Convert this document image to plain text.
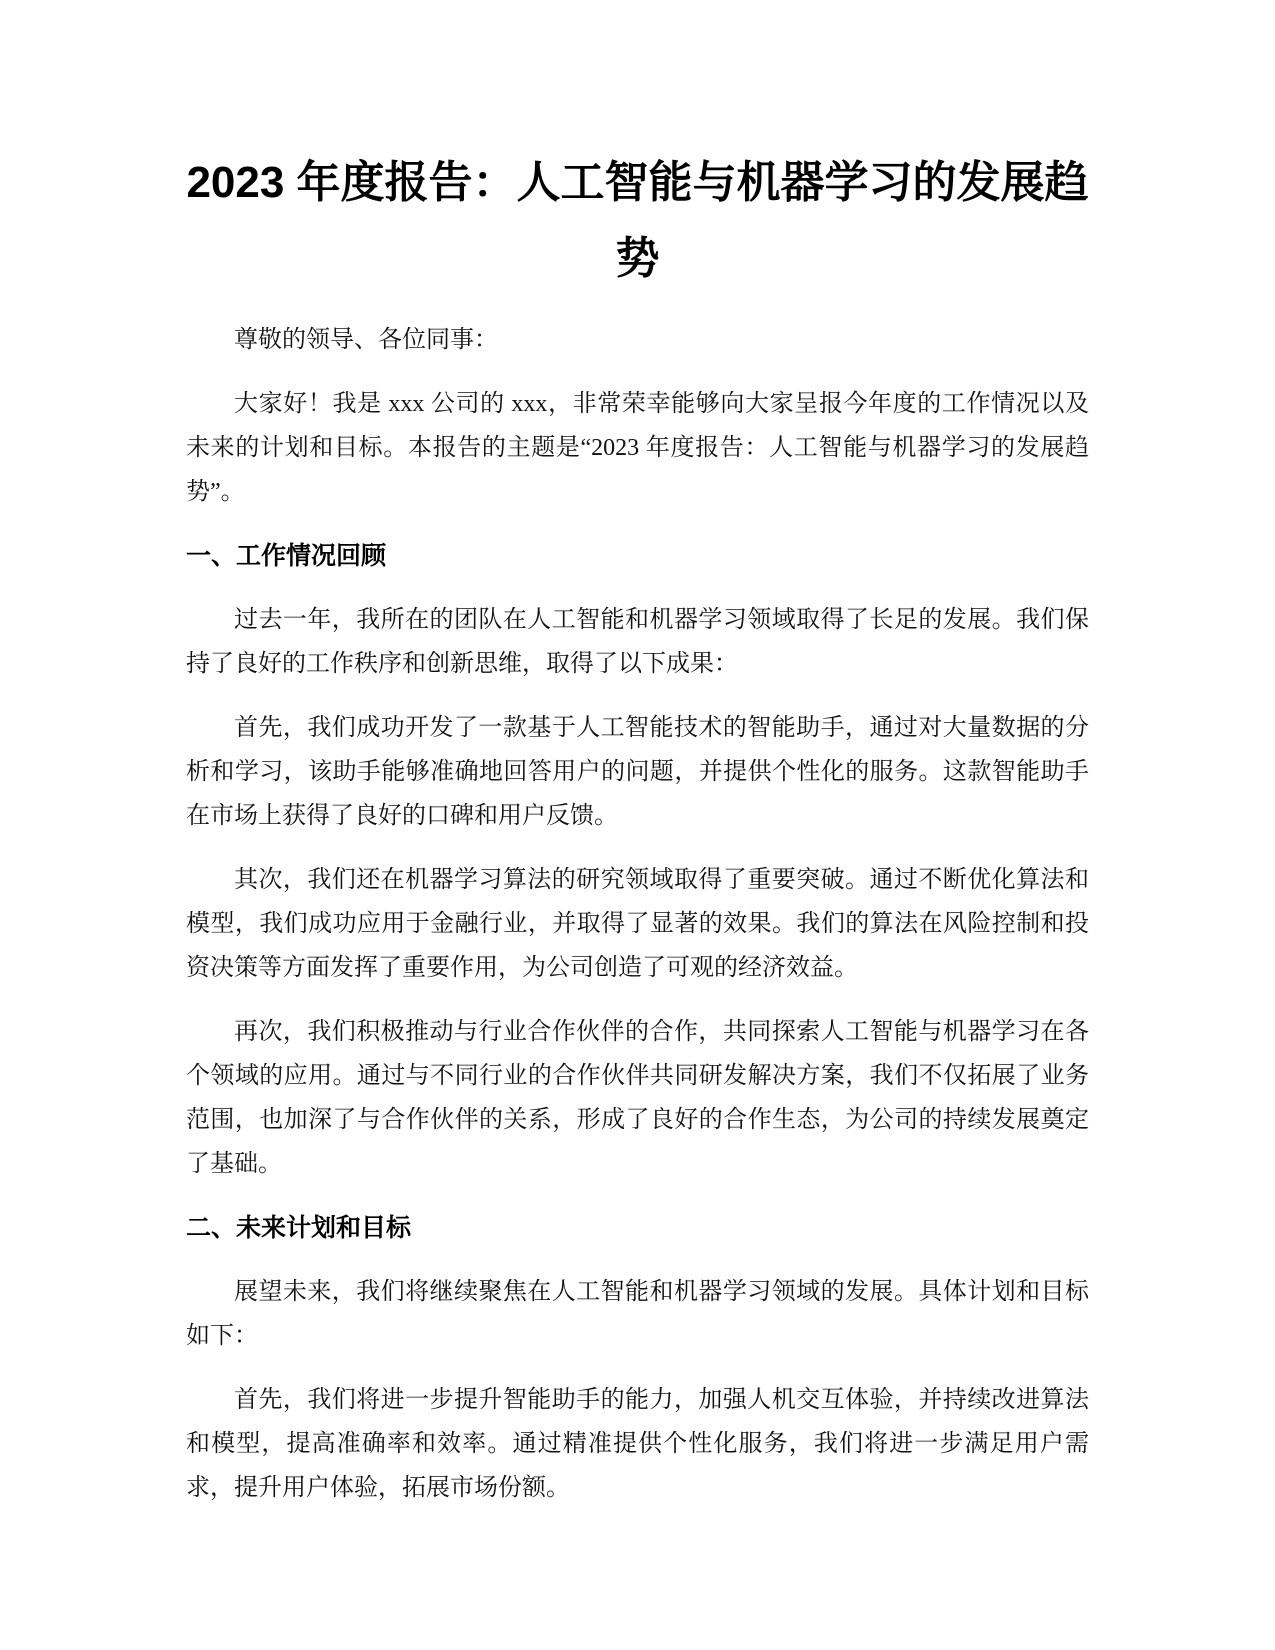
2023 年度报告：人工智能与机器学习的发展趋势

尊敬的领导、各位同事：

大家好！我是 xxx 公司的 xxx，非常荣幸能够向大家呈报今年度的工作情况以及未来的计划和目标。本报告的主题是“2023 年度报告：人工智能与机器学习的发展趋势”。

一、工作情况回顾

过去一年，我所在的团队在人工智能和机器学习领域取得了长足的发展。我们保持了良好的工作秩序和创新思维，取得了以下成果：

首先，我们成功开发了一款基于人工智能技术的智能助手，通过对大量数据的分析和学习，该助手能够准确地回答用户的问题，并提供个性化的服务。这款智能助手在市场上获得了良好的口碑和用户反馈。

其次，我们还在机器学习算法的研究领域取得了重要突破。通过不断优化算法和模型，我们成功应用于金融行业，并取得了显著的效果。我们的算法在风险控制和投资决策等方面发挥了重要作用，为公司创造了可观的经济效益。

再次，我们积极推动与行业合作伙伴的合作，共同探索人工智能与机器学习在各个领域的应用。通过与不同行业的合作伙伴共同研发解决方案，我们不仅拓展了业务范围，也加深了与合作伙伴的关系，形成了良好的合作生态，为公司的持续发展奠定了基础。

二、未来计划和目标

展望未来，我们将继续聚焦在人工智能和机器学习领域的发展。具体计划和目标如下：

首先，我们将进一步提升智能助手的能力，加强人机交互体验，并持续改进算法和模型，提高准确率和效率。通过精准提供个性化服务，我们将进一步满足用户需求，提升用户体验，拓展市场份额。
